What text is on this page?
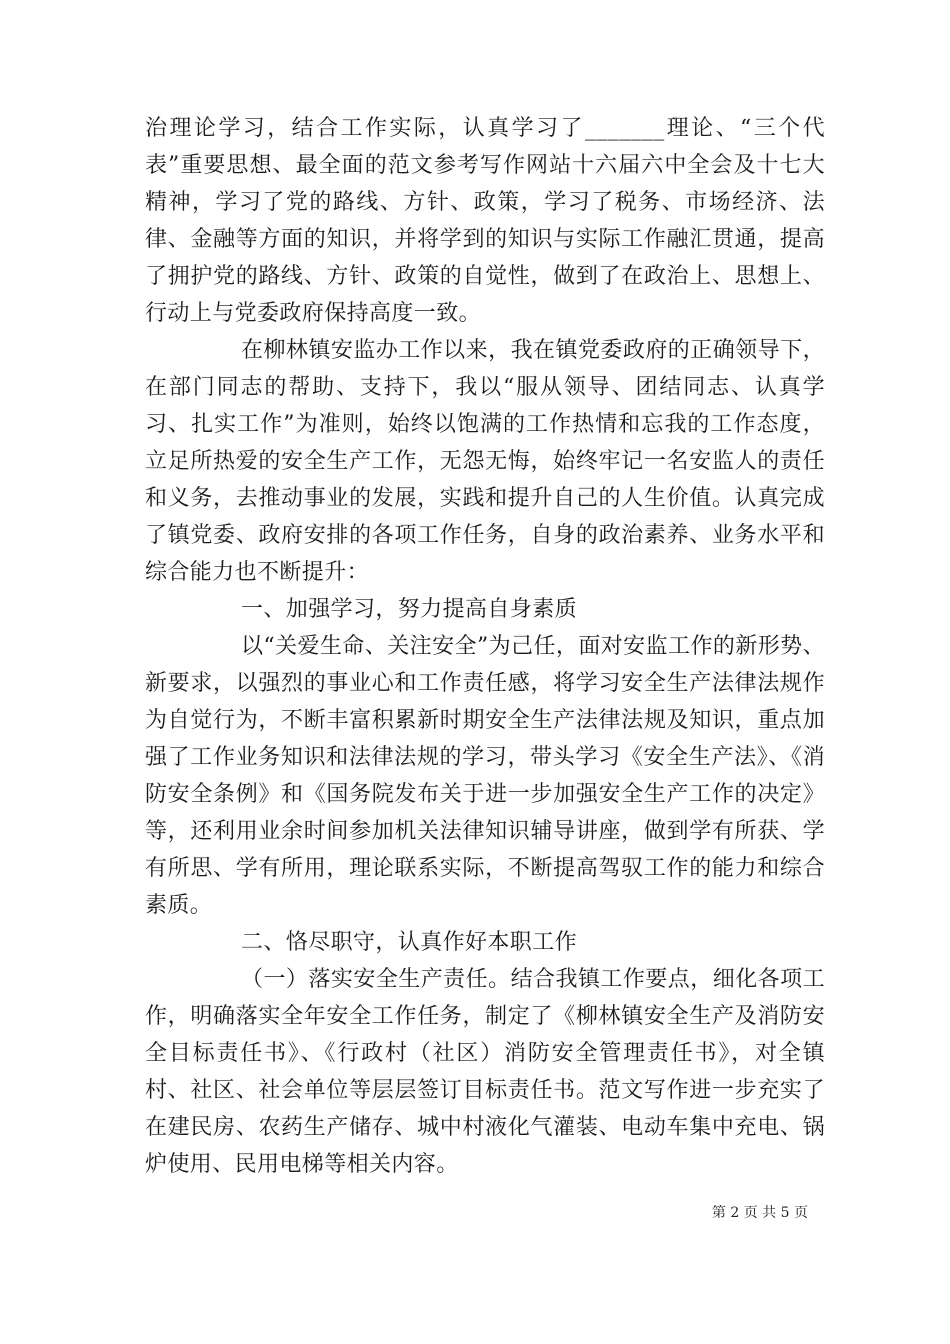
治理论学习，结合工作实际，认真学习了_______理论、“三个代表”重要思想、最全面的范文参考写作网站十六届六中全会及十七大精神，学习了党的路线、方针、政策，学习了税务、市场经济、法律、金融等方面的知识，并将学到的知识与实际工作融汇贯通，提高了拥护党的路线、方针、政策的自觉性，做到了在政治上、思想上、行动上与党委政府保持高度一致。

在柳林镇安监办工作以来，我在镇党委政府的正确领导下，在部门同志的帮助、支持下，我以“服从领导、团结同志、认真学习、扎实工作”为准则，始终以饱满的工作热情和忘我的工作态度，立足所热爱的安全生产工作，无怨无悔，始终牢记一名安监人的责任和义务，去推动事业的发展，实践和提升自己的人生价值。认真完成了镇党委、政府安排的各项工作任务，自身的政治素养、业务水平和综合能力也不断提升：

一、加强学习，努力提高自身素质

以“关爱生命、关注安全”为己任，面对安监工作的新形势、新要求，以强烈的事业心和工作责任感，将学习安全生产法律法规作为自觉行为，不断丰富积累新时期安全生产法律法规及知识，重点加强了工作业务知识和法律法规的学习，带头学习《安全生产法》、《消防安全条例》和《国务院发布关于进一步加强安全生产工作的决定》等，还利用业余时间参加机关法律知识辅导讲座，做到学有所获、学有所思、学有所用，理论联系实际，不断提高驾驭工作的能力和综合素质。

二、恪尽职守，认真作好本职工作

（一）落实安全生产责任。结合我镇工作要点，细化各项工作，明确落实全年安全工作任务，制定了《柳林镇安全生产及消防安全目标责任书》、《行政村（社区）消防安全管理责任书》，对全镇村、社区、社会单位等层层签订目标责任书。范文写作进一步充实了在建民房、农药生产储存、城中村液化气灌装、电动车集中充电、锅炉使用、民用电梯等相关内容。

第 2 页 共 5 页
